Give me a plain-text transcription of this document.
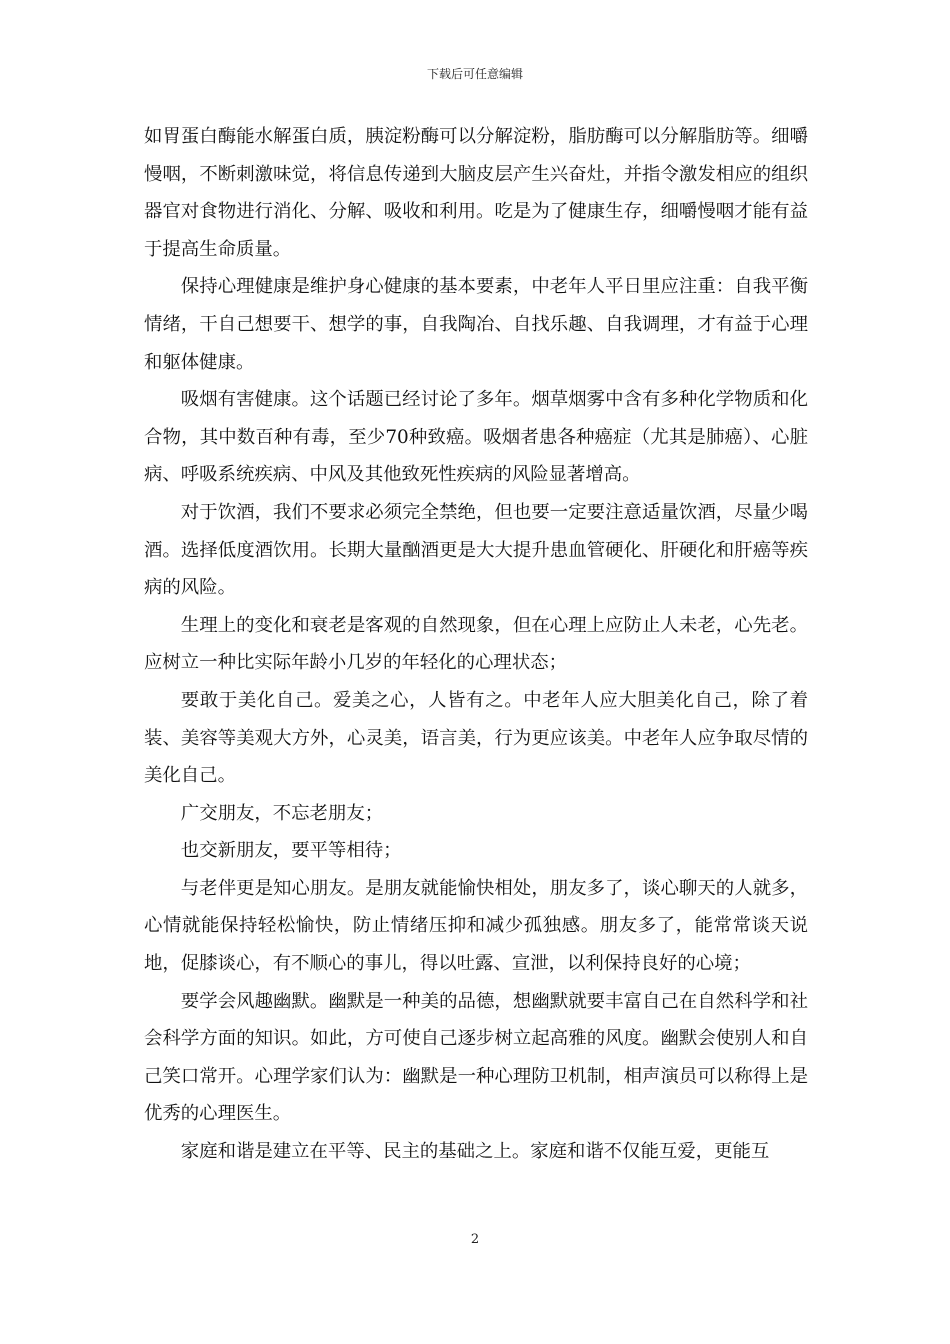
下载后可任意编辑

如胃蛋白酶能水解蛋白质，胰淀粉酶可以分解淀粉，脂肪酶可以分解脂肪等。细嚼慢咽，不断刺激味觉，将信息传递到大脑皮层产生兴奋灶，并指令激发相应的组织器官对食物进行消化、分解、吸收和利用。吃是为了健康生存，细嚼慢咽才能有益于提高生命质量。

保持心理健康是维护身心健康的基本要素，中老年人平日里应注重：自我平衡情绪，干自己想要干、想学的事，自我陶冶、自找乐趣、自我调理，才有益于心理和躯体健康。

吸烟有害健康。这个话题已经讨论了多年。烟草烟雾中含有多种化学物质和化合物，其中数百种有毒，至少70种致癌。吸烟者患各种癌症（尤其是肺癌）、心脏病、呼吸系统疾病、中风及其他致死性疾病的风险显著增高。

对于饮酒，我们不要求必须完全禁绝，但也要一定要注意适量饮酒，尽量少喝酒。选择低度酒饮用。长期大量酗酒更是大大提升患血管硬化、肝硬化和肝癌等疾病的风险。

生理上的变化和衰老是客观的自然现象，但在心理上应防止人未老，心先老。应树立一种比实际年龄小几岁的年轻化的心理状态；

要敢于美化自己。爱美之心，人皆有之。中老年人应大胆美化自己，除了着装、美容等美观大方外，心灵美，语言美，行为更应该美。中老年人应争取尽情的美化自己。

广交朋友，不忘老朋友；

也交新朋友，要平等相待；

与老伴更是知心朋友。是朋友就能愉快相处，朋友多了，谈心聊天的人就多，心情就能保持轻松愉快，防止情绪压抑和减少孤独感。朋友多了，能常常谈天说地，促膝谈心，有不顺心的事儿，得以吐露、宣泄，以利保持良好的心境；

要学会风趣幽默。幽默是一种美的品德，想幽默就要丰富自己在自然科学和社会科学方面的知识。如此，方可使自己逐步树立起高雅的风度。幽默会使别人和自己笑口常开。心理学家们认为：幽默是一种心理防卫机制，相声演员可以称得上是优秀的心理医生。

家庭和谐是建立在平等、民主的基础之上。家庭和谐不仅能互爱，更能互

2
